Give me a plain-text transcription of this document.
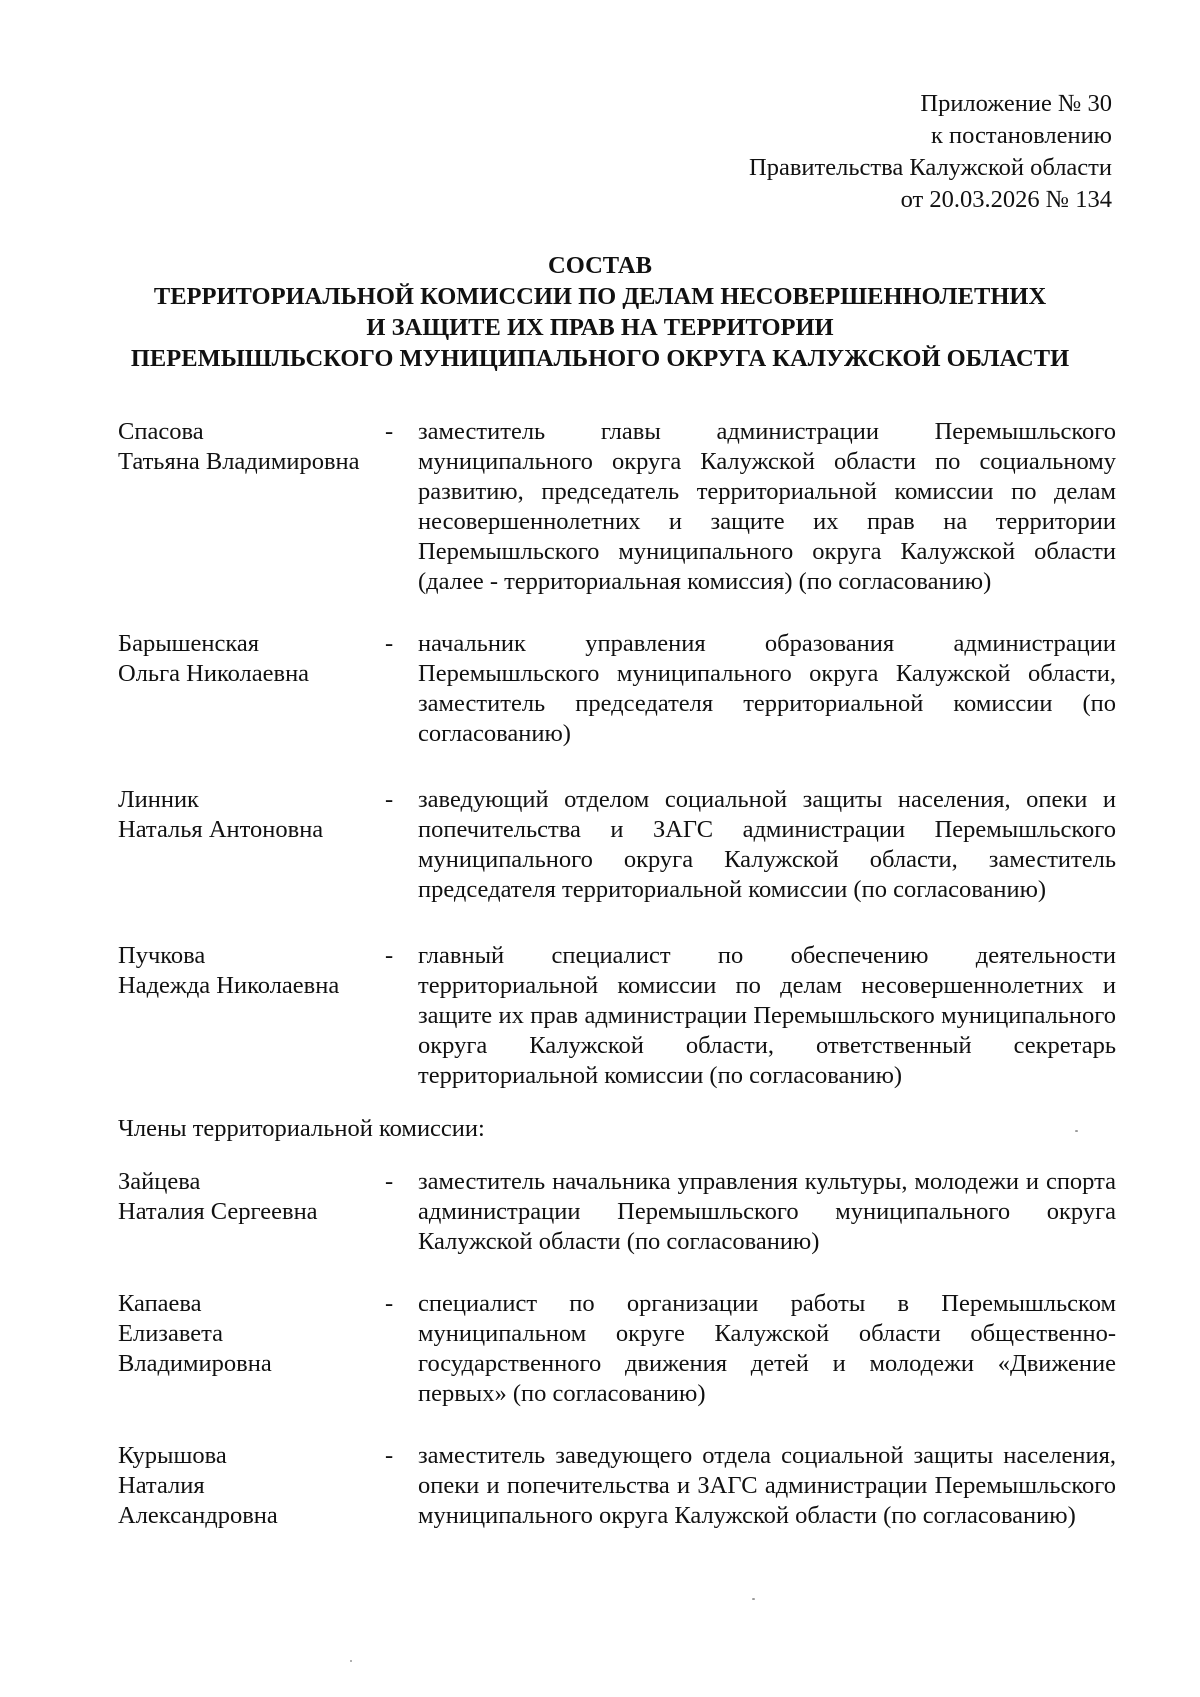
Приложение № 30
к постановлению
Правительства Калужской области
от 20.03.2026 № 134
СОСТАВ
ТЕРРИТОРИАЛЬНОЙ КОМИССИИ ПО ДЕЛАМ НЕСОВЕРШЕННОЛЕТНИХ
И ЗАЩИТЕ ИХ ПРАВ НА ТЕРРИТОРИИ
ПЕРЕМЫШЛЬСКОГО МУНИЦИПАЛЬНОГО ОКРУГА КАЛУЖСКОЙ ОБЛАСТИ
Спасова
Татьяна Владимировна
- заместитель главы администрации Перемышльского муниципального округа Калужской области по социальному развитию, председатель территориальной комиссии по делам несовершеннолетних и защите их прав на территории Перемышльского муниципального округа Калужской области (далее - территориальная комиссия) (по согласованию)
Барышенская
Ольга Николаевна
- начальник управления образования администрации Перемышльского муниципального округа Калужской области, заместитель председателя территориальной комиссии (по согласованию)
Линник
Наталья Антоновна
- заведующий отделом социальной защиты населения, опеки и попечительства и ЗАГС администрации Перемышльского муниципального округа Калужской области, заместитель председателя территориальной комиссии (по согласованию)
Пучкова
Надежда Николаевна
- главный специалист по обеспечению деятельности территориальной комиссии по делам несовершеннолетних и защите их прав администрации Перемышльского муниципального округа Калужской области, ответственный секретарь территориальной комиссии (по согласованию)
Члены территориальной комиссии:
Зайцева
Наталия Сергеевна
- заместитель начальника управления культуры, молодежи и спорта администрации Перемышльского муниципального округа Калужской области (по согласованию)
Капаева
Елизавета
Владимировна
- специалист по организации работы в Перемышльском муниципальном округе Калужской области общественно-государственного движения детей и молодежи «Движение первых» (по согласованию)
Курышова
Наталия
Александровна
- заместитель заведующего отдела социальной защиты населения, опеки и попечительства и ЗАГС администрации Перемышльского муниципального округа Калужской области (по согласованию)
